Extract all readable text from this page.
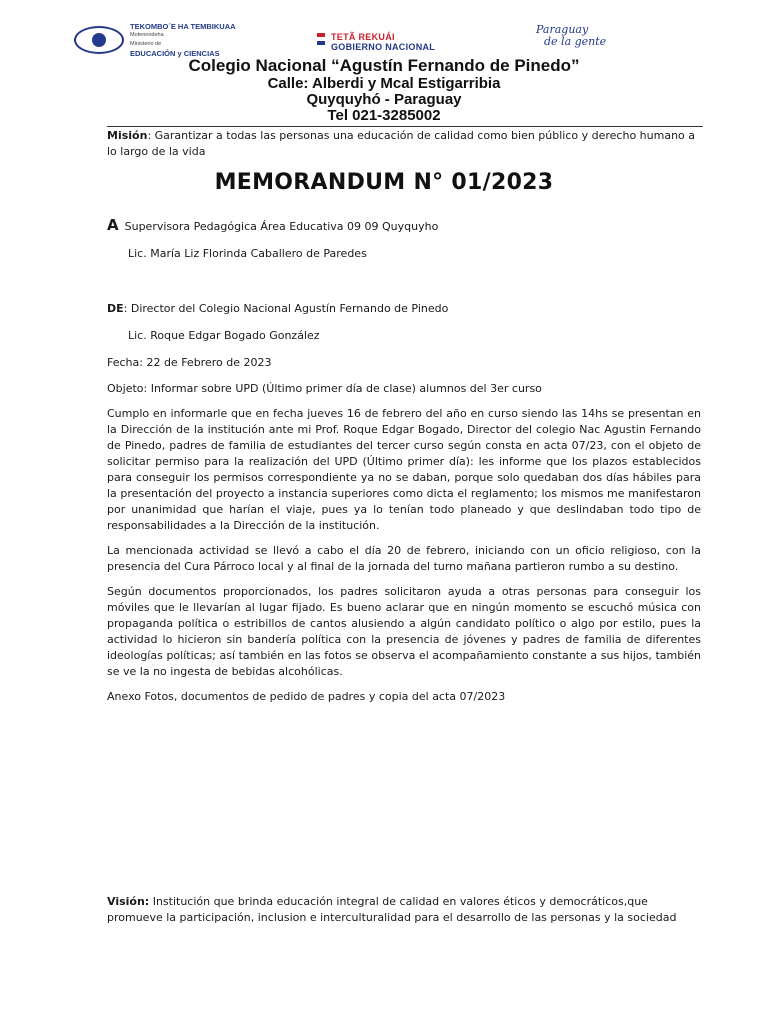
TEKOMBO´E HA TEMBIKUAA
Motenondeha
Ministerio de
EDUCACIÓN y CIENCIAS
TETÃ REKUÁI
GOBIERNO NACIONAL
Paraguay
de la gente
Colegio Nacional “Agustín Fernando de Pinedo”
Calle: Alberdi y Mcal Estigarribia
Quyquyhó - Paraguay
Tel 021-3285002
Misión: Garantizar a todas las personas una educación de calidad como bien público y derecho humano a lo largo de la vida
MEMORANDUM N° 01/2023
A Supervisora Pedagógica Área Educativa 09 09 Quyquyho
Lic. María Liz Florinda Caballero de Paredes
DE: Director del Colegio Nacional Agustín Fernando de Pinedo
Lic. Roque Edgar Bogado González
Fecha: 22 de Febrero de 2023
Objeto: Informar sobre UPD (Último primer día de clase) alumnos del 3er curso
Cumplo en informarle que en fecha jueves 16 de febrero del año en curso siendo las 14hs se presentan en la Dirección de la institución ante mi Prof. Roque Edgar Bogado, Director del colegio Nac Agustin Fernando de Pinedo, padres de familia de estudiantes del tercer curso según consta en acta 07/23, con el objeto de solicitar permiso para la realización del UPD (Último primer día): les informe que los plazos establecidos para conseguir los permisos correspondiente ya no se daban, porque solo quedaban dos días hábiles para la presentación del proyecto a instancia superiores como dicta el reglamento; los mismos me manifestaron por unanimidad que harían el viaje, pues ya lo tenían todo planeado y que deslindaban todo tipo de responsabilidades a la Dirección de la institución.
La mencionada actividad se llevó a cabo el día 20 de febrero, iniciando con un oficio religioso, con la presencia del Cura Párroco local y al final de la jornada del turno mañana partieron rumbo a su destino.
Según documentos proporcionados, los padres solicitaron ayuda a otras personas para conseguir los móviles que le llevarían al lugar fijado. Es bueno aclarar que en ningún momento se escuchó música con propaganda política o estribillos de cantos alusiendo a algún candidato político o algo por estilo, pues la actividad lo hicieron sin bandería política con la presencia de jóvenes y padres de familia de diferentes ideologías políticas; así también en las fotos se observa el acompañamiento constante a sus hijos, también se ve la no ingesta de bebidas alcohólicas.
Anexo Fotos, documentos de pedido de padres y copia del acta 07/2023
Visión: Institución que brinda educación integral de calidad en valores éticos y democráticos,que promueve la participación, inclusion e interculturalidad para el desarrollo de las personas y la sociedad
